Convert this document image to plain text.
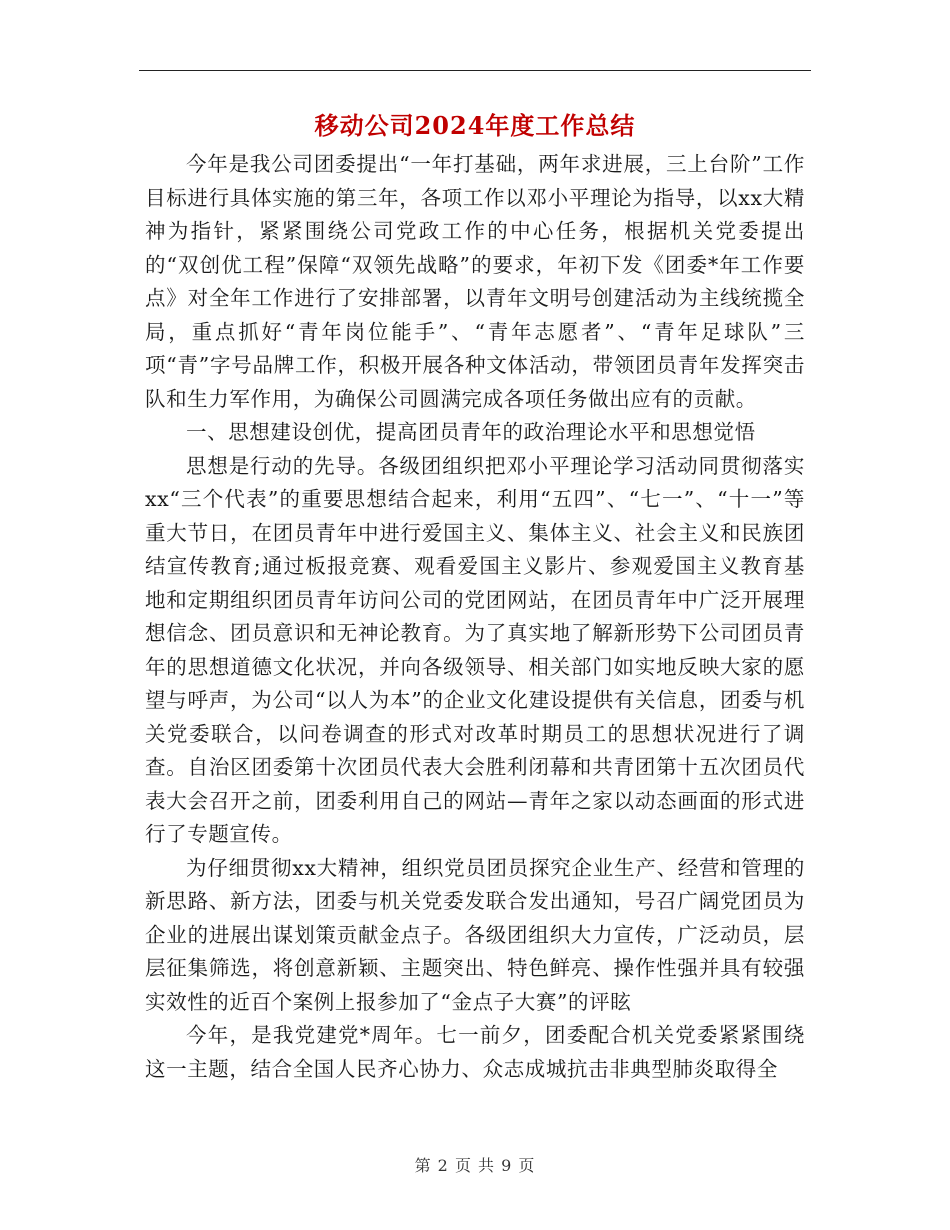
移动公司2024年度工作总结

今年是我公司团委提出“一年打基础，两年求进展，三上台阶”工作目标进行具体实施的第三年，各项工作以邓小平理论为指导，以xx大精神为指针，紧紧围绕公司党政工作的中心任务，根据机关党委提出的“双创优工程”保障“双领先战略”的要求，年初下发《团委*年工作要点》对全年工作进行了安排部署，以青年文明号创建活动为主线统揽全局，重点抓好“青年岗位能手”、“青年志愿者”、“青年足球队”三项“青”字号品牌工作，积极开展各种文体活动，带领团员青年发挥突击队和生力军作用，为确保公司圆满完成各项任务做出应有的贡献。

一、思想建设创优，提高团员青年的政治理论水平和思想觉悟

思想是行动的先导。各级团组织把邓小平理论学习活动同贯彻落实xx“三个代表”的重要思想结合起来，利用“五四”、“七一”、“十一”等重大节日，在团员青年中进行爱国主义、集体主义、社会主义和民族团结宣传教育;通过板报竞赛、观看爱国主义影片、参观爱国主义教育基地和定期组织团员青年访问公司的党团网站，在团员青年中广泛开展理想信念、团员意识和无神论教育。为了真实地了解新形势下公司团员青年的思想道德文化状况，并向各级领导、相关部门如实地反映大家的愿望与呼声，为公司“以人为本”的企业文化建设提供有关信息，团委与机关党委联合，以问卷调查的形式对改革时期员工的思想状况进行了调查。自治区团委第十次团员代表大会胜利闭幕和共青团第十五次团员代表大会召开之前，团委利用自己的网站—青年之家以动态画面的形式进行了专题宣传。

为仔细贯彻xx大精神，组织党员团员探究企业生产、经营和管理的新思路、新方法，团委与机关党委发联合发出通知，号召广阔党团员为企业的进展出谋划策贡献金点子。各级团组织大力宣传，广泛动员，层层征集筛选，将创意新颖、主题突出、特色鲜亮、操作性强并具有较强实效性的近百个案例上报参加了“金点子大赛”的评眩

今年，是我党建党*周年。七一前夕，团委配合机关党委紧紧围绕这一主题，结合全国人民齐心协力、众志成城抗击非典型肺炎取得全

第 2 页 共 9 页
